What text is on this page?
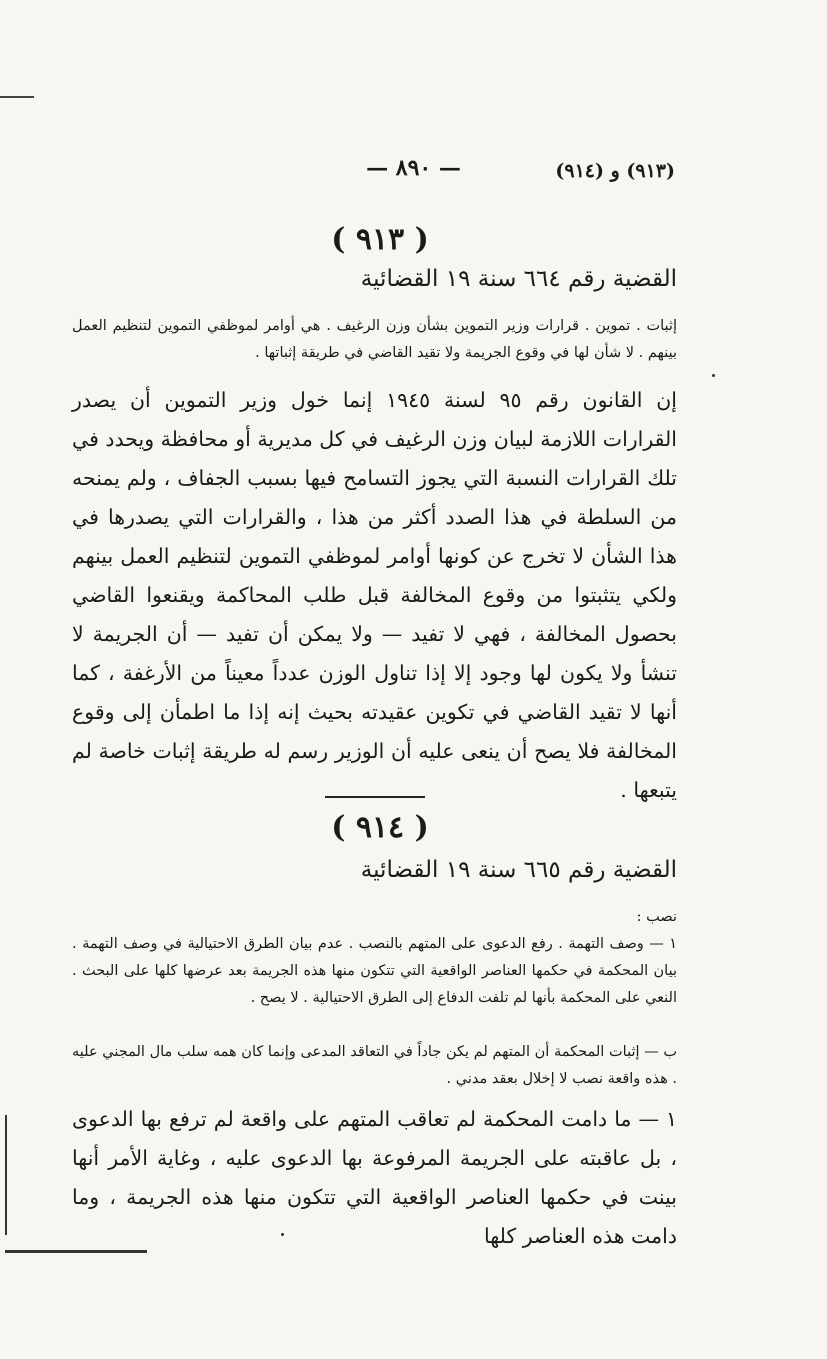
— ٨٩٠ —	(٩١٣) و (٩١٤)
( ٩١٣ )
القضية رقم ٦٦٤ سنة ١٩ القضائية
إثبات . تموين . قرارات وزير التموين بشأن وزن الرغيف . هي أوامر لموظفي التموين لتنظيم العمل بينهم . لا شأن لها في وقوع الجريمة ولا تقيد القاضي في طريقة إثباتها .
إن القانون رقم ٩٥ لسنة ١٩٤٥ إنما خول وزير التموين أن يصدر القرارات اللازمة لبيان وزن الرغيف في كل مديرية أو محافظة ويحدد في تلك القرارات النسبة التي يجوز التسامح فيها بسبب الجفاف ، ولم يمنحه من السلطة في هذا الصدد أكثر من هذا ، والقرارات التي يصدرها في هذا الشأن لا تخرج عن كونها أوامر لموظفي التموين لتنظيم العمل بينهم ولكي يتثبتوا من وقوع المخالفة قبل طلب المحاكمة ويقنعوا القاضي بحصول المخالفة ، فهي لا تفيد — ولا يمكن أن تفيد — أن الجريمة لا تنشأ ولا يكون لها وجود إلا إذا تناول الوزن عدداً معيناً من الأرغفة ، كما أنها لا تقيد القاضي في تكوين عقيدته بحيث إنه إذا ما اطمأن إلى وقوع المخالفة فلا يصح أن ينعى عليه أن الوزير رسم له طريقة إثبات خاصة لم يتبعها .
( ٩١٤ )
القضية رقم ٦٦٥ سنة ١٩ القضائية
نصب :
١ — وصف التهمة . رفع الدعوى على المتهم بالنصب . عدم بيان الطرق الاحتيالية في وصف التهمة . بيان المحكمة في حكمها العناصر الواقعية التي تتكون منها هذه الجريمة بعد عرضها كلها على البحث . النعي على المحكمة بأنها لم تلفت الدفاع إلى الطرق الاحتيالية . لا يصح .
ب — إثبات المحكمة أن المتهم لم يكن جاداً في التعاقد المدعى وإنما كان همه سلب مال المجني عليه . هذه واقعة نصب لا إخلال بعقد مدني .
١ — ما دامت المحكمة لم تعاقب المتهم على واقعة لم ترفع بها الدعوى ، بل عاقبته على الجريمة المرفوعة بها الدعوى عليه ، وغاية الأمر أنها بينت في حكمها العناصر الواقعية التي تتكون منها هذه الجريمة ، وما دامت هذه العناصر كلها
